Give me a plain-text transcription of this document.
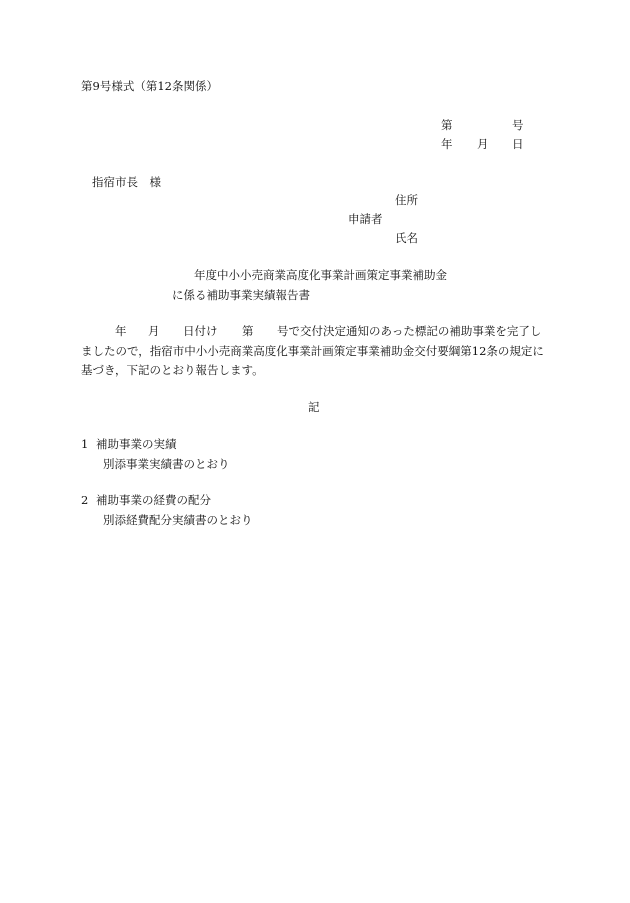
第9号様式（第12条関係）
第	号
年 月 日
指宿市長　様
住所
申請者
氏名
年度中小小売商業高度化事業計画策定事業補助金
に係る補助事業実績報告書
年 月 日付け 第 号で交付決定通知のあった標記の補助事業を完了し
ましたので，指宿市中小小売商業高度化事業計画策定事業補助金交付要綱第12条の規定に
基づき，下記のとおり報告します。
記
1 補助事業の実績
別添事業実績書のとおり
2 補助事業の経費の配分
別添経費配分実績書のとおり
